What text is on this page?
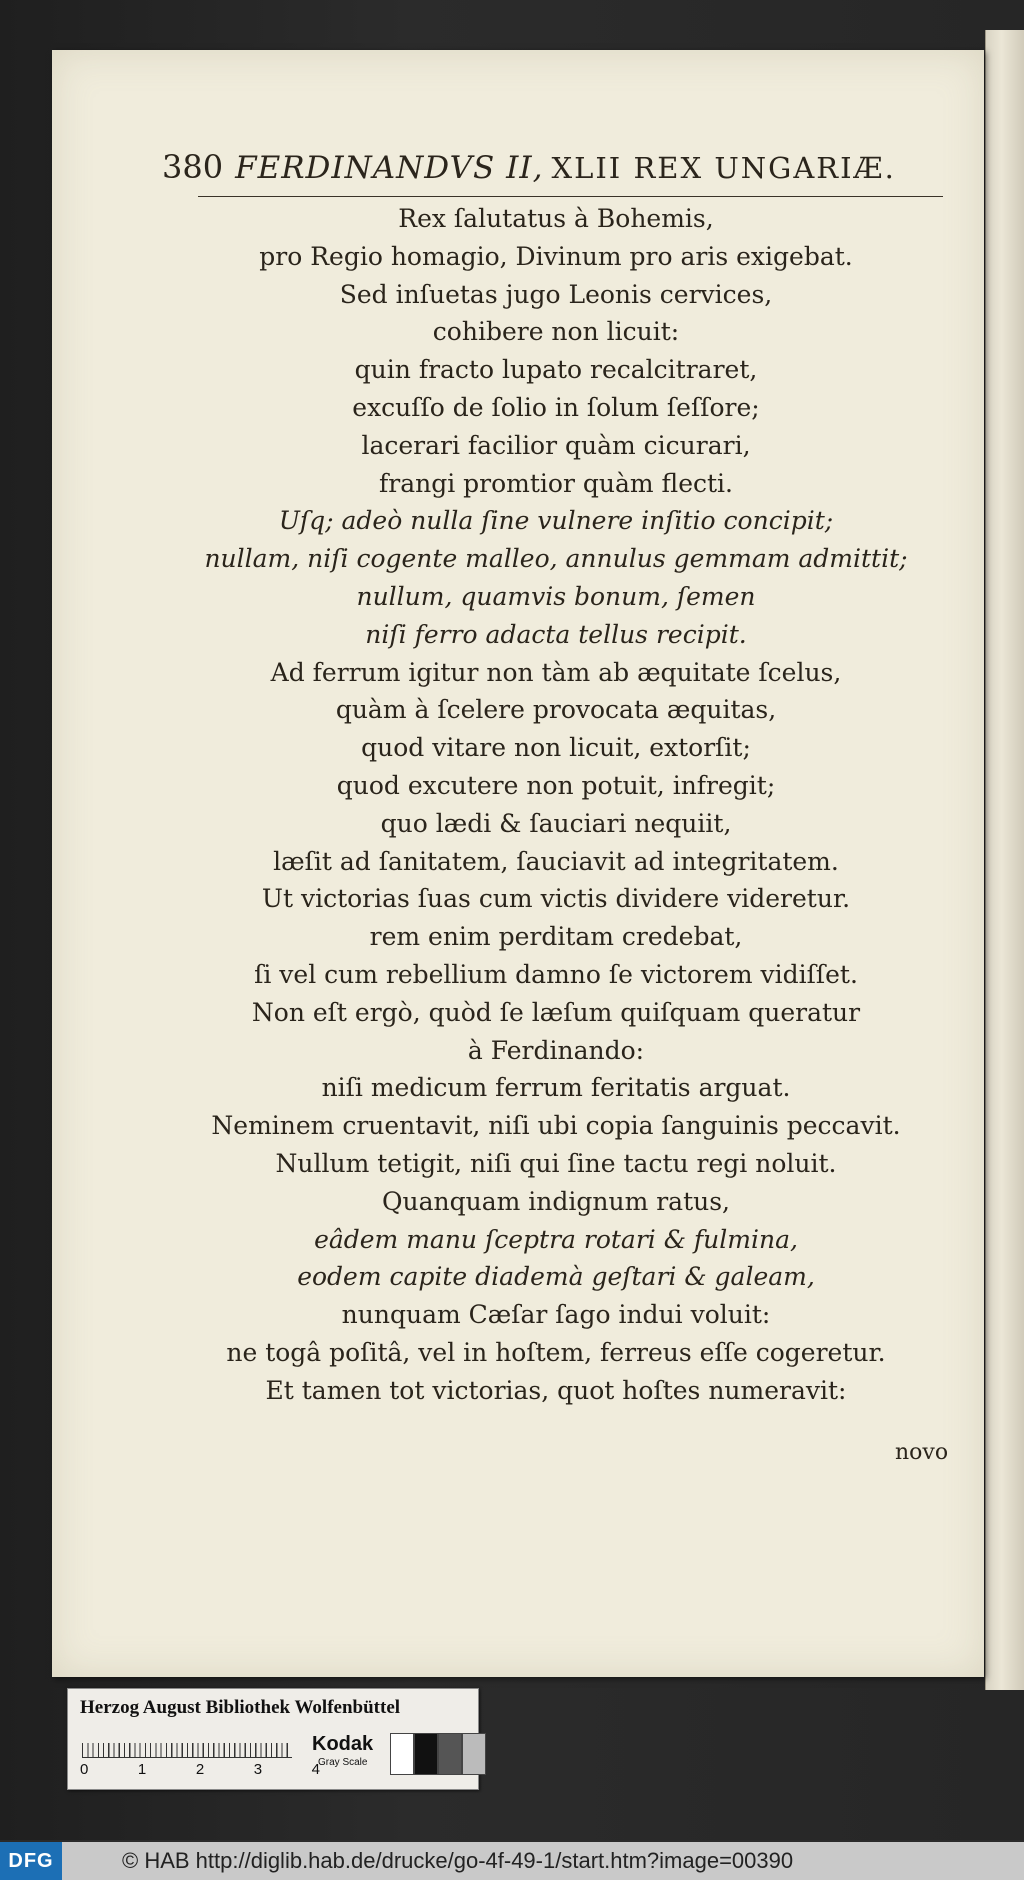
380 FERDINANDVS II, XLII REX UNGARIÆ.
Rex ſalutatus à Bohemis,
pro Regio homagio, Divinum pro aris exigebat.
Sed inſuetas jugo Leonis cervices,
cohibere non licuit:
quin fracto lupato recalcitraret,
excuſſo de ſolio in ſolum ſeſſore;
lacerari facilior quàm cicurari,
frangi promtior quàm flecti.
Uſq; adeò nulla ſine vulnere inſitio concipit;
nullam, niſi cogente malleo, annulus gemmam admittit;
nullum, quamvis bonum, ſemen
niſi ferro adacta tellus recipit.
Ad ferrum igitur non tàm ab æquitate ſcelus,
quàm à ſcelere provocata æquitas,
quod vitare non licuit, extorſit;
quod excutere non potuit, infregit;
quo lædi & ſauciari nequiit,
læſit ad ſanitatem, ſauciavit ad integritatem.
Ut victorias ſuas cum victis dividere videretur.
rem enim perditam credebat,
ſi vel cum rebellium damno ſe victorem vidiſſet.
Non eſt ergò, quòd ſe læſum quiſquam queratur
à Ferdinando:
niſi medicum ferrum feritatis arguat.
Neminem cruentavit, niſi ubi copia ſanguinis peccavit.
Nullum tetigit, niſi qui ſine tactu regi noluit.
Quanquam indignum ratus,
eâdem manu ſceptra rotari & fulmina,
eodem capite diademà geſtari & galeam,
nunquam Cæſar ſago indui voluit:
ne togâ poſitâ, vel in hoſtem, ferreus eſſe cogeretur.
Et tamen tot victorias, quot hoſtes numeravit:
novo
Herzog August Bibliothek Wolfenbüttel
0	1	2	3	4
Kodak
Gray Scale
DFG	© HAB http://diglib.hab.de/drucke/go-4f-49-1/start.htm?image=00390
